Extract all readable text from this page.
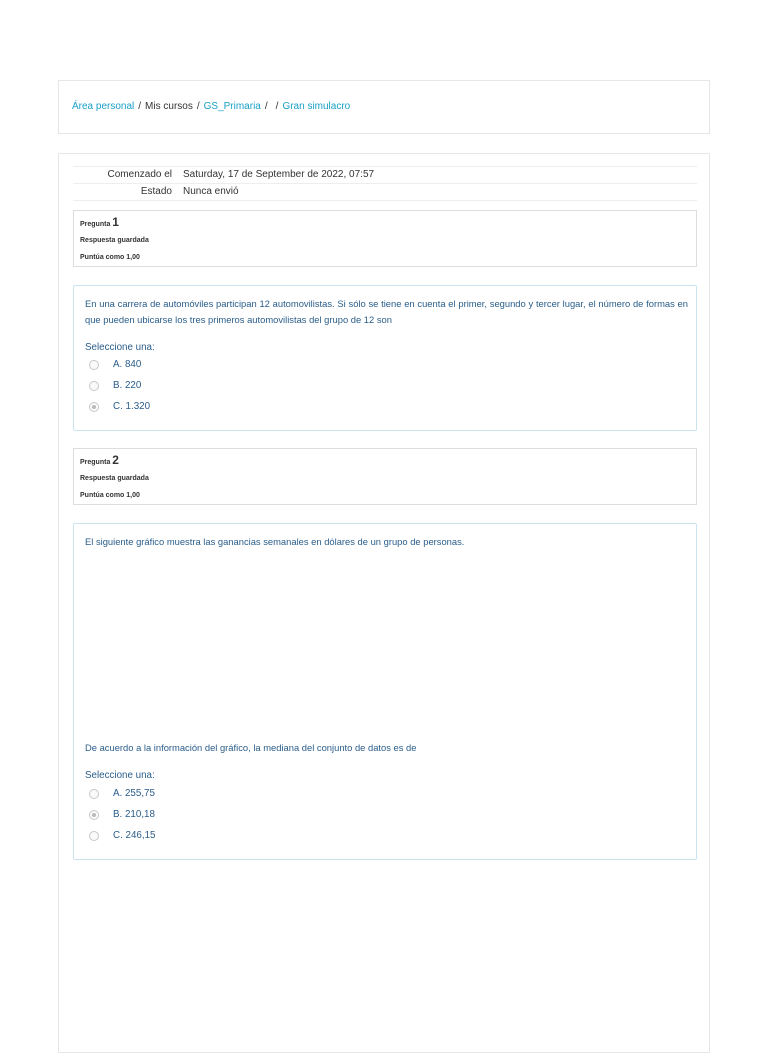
Área personal / Mis cursos / GS_Primaria / / Gran simulacro
Comenzado el	Saturday, 17 de September de 2022, 07:57
Estado	Nunca envió
Pregunta 1
Respuesta guardada
Puntúa como 1,00
En una carrera de automóviles participan 12 automovilistas. Si sólo se tiene en cuenta el primer, segundo y tercer lugar, el número de formas en que pueden ubicarse los tres primeros automovilistas del grupo de 12 son
Seleccione una:
A. 840
B. 220
C. 1.320
Pregunta 2
Respuesta guardada
Puntúa como 1,00
El siguiente gráfico muestra las ganancias semanales en dólares de un grupo de personas.
De acuerdo a la información del gráfico, la mediana del conjunto de datos es de
Seleccione una:
A. 255,75
B. 210,18
C. 246,15
